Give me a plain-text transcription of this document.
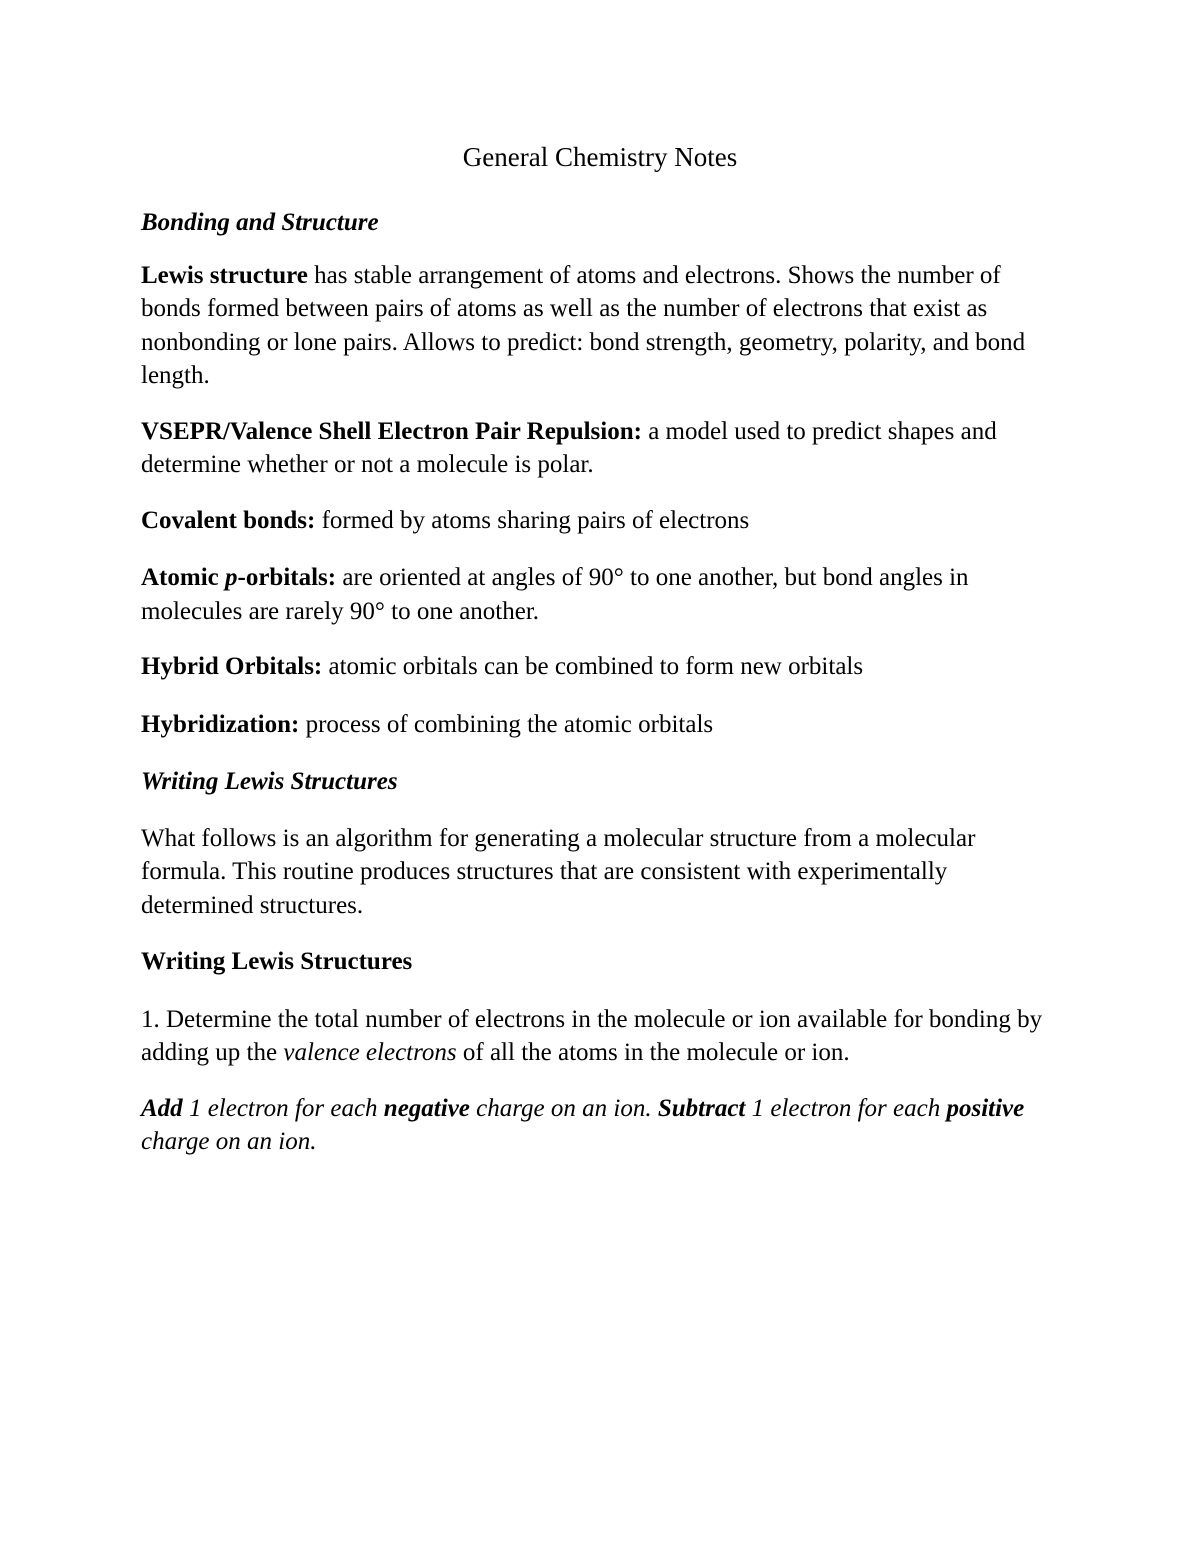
General Chemistry Notes

Bonding and Structure

Lewis structure has stable arrangement of atoms and electrons. Shows the number of bonds formed between pairs of atoms as well as the number of electrons that exist as nonbonding or lone pairs. Allows to predict: bond strength, geometry, polarity, and bond length.

VSEPR/Valence Shell Electron Pair Repulsion: a model used to predict shapes and determine whether or not a molecule is polar.

Covalent bonds: formed by atoms sharing pairs of electrons

Atomic p-orbitals: are oriented at angles of 90° to one another, but bond angles in molecules are rarely 90° to one another.

Hybrid Orbitals: atomic orbitals can be combined to form new orbitals

Hybridization: process of combining the atomic orbitals

Writing Lewis Structures

What follows is an algorithm for generating a molecular structure from a molecular formula. This routine produces structures that are consistent with experimentally determined structures.

Writing Lewis Structures

1. Determine the total number of electrons in the molecule or ion available for bonding by adding up the valence electrons of all the atoms in the molecule or ion.

Add 1 electron for each negative charge on an ion. Subtract 1 electron for each positive charge on an ion.
